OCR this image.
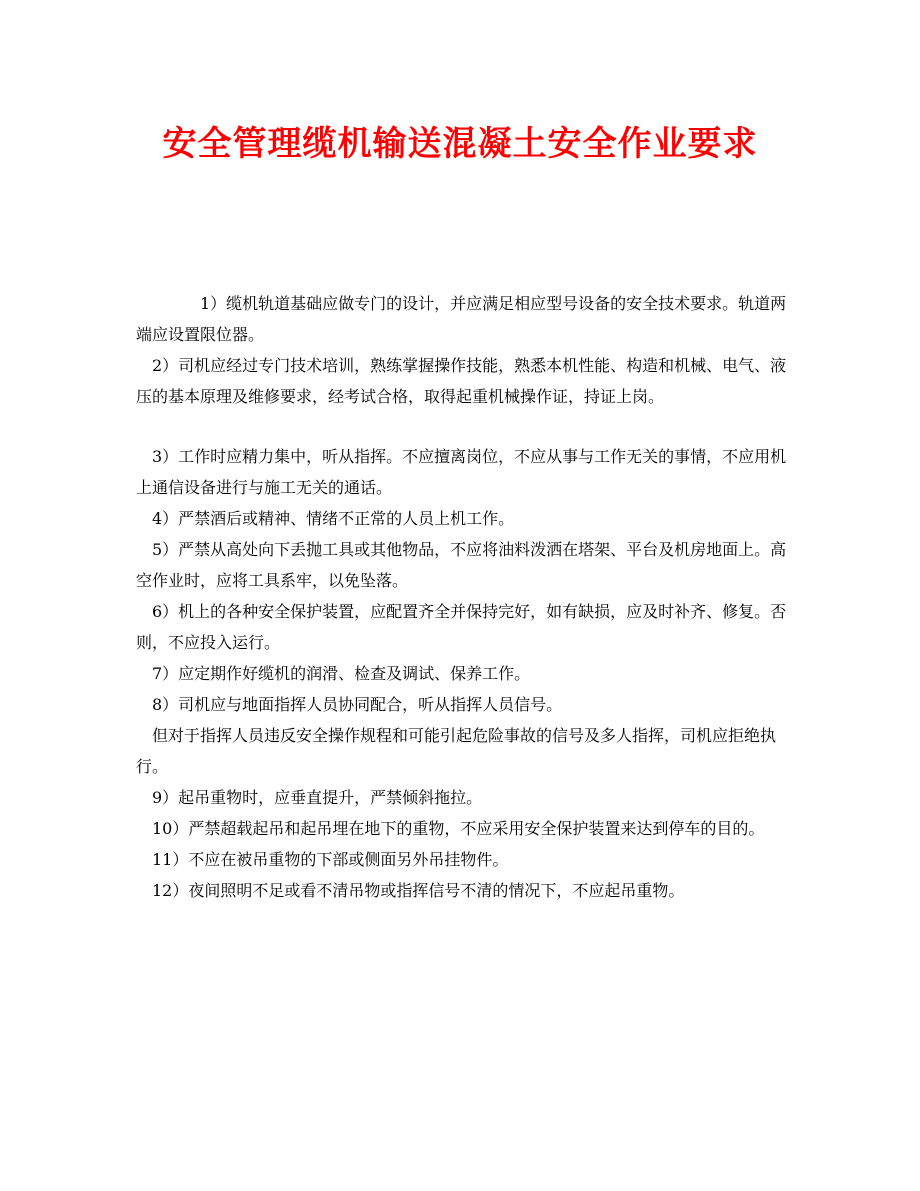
安全管理缆机输送混凝土安全作业要求

1）缆机轨道基础应做专门的设计，并应满足相应型号设备的安全技术要求。轨道两端应设置限位器。

2）司机应经过专门技术培训，熟练掌握操作技能，熟悉本机性能、构造和机械、电气、液压的基本原理及维修要求，经考试合格，取得起重机械操作证，持证上岗。

3）工作时应精力集中，听从指挥。不应擅离岗位，不应从事与工作无关的事情，不应用机上通信设备进行与施工无关的通话。

4）严禁酒后或精神、情绪不正常的人员上机工作。

5）严禁从高处向下丢抛工具或其他物品，不应将油料泼洒在塔架、平台及机房地面上。高空作业时，应将工具系牢，以免坠落。

6）机上的各种安全保护装置，应配置齐全并保持完好，如有缺损，应及时补齐、修复。否则，不应投入运行。

7）应定期作好缆机的润滑、检查及调试、保养工作。

8）司机应与地面指挥人员协同配合，听从指挥人员信号。

但对于指挥人员违反安全操作规程和可能引起危险事故的信号及多人指挥，司机应拒绝执行。

9）起吊重物时，应垂直提升，严禁倾斜拖拉。

10）严禁超载起吊和起吊埋在地下的重物，不应采用安全保护装置来达到停车的目的。

11）不应在被吊重物的下部或侧面另外吊挂物件。

12）夜间照明不足或看不清吊物或指挥信号不清的情况下，不应起吊重物。
